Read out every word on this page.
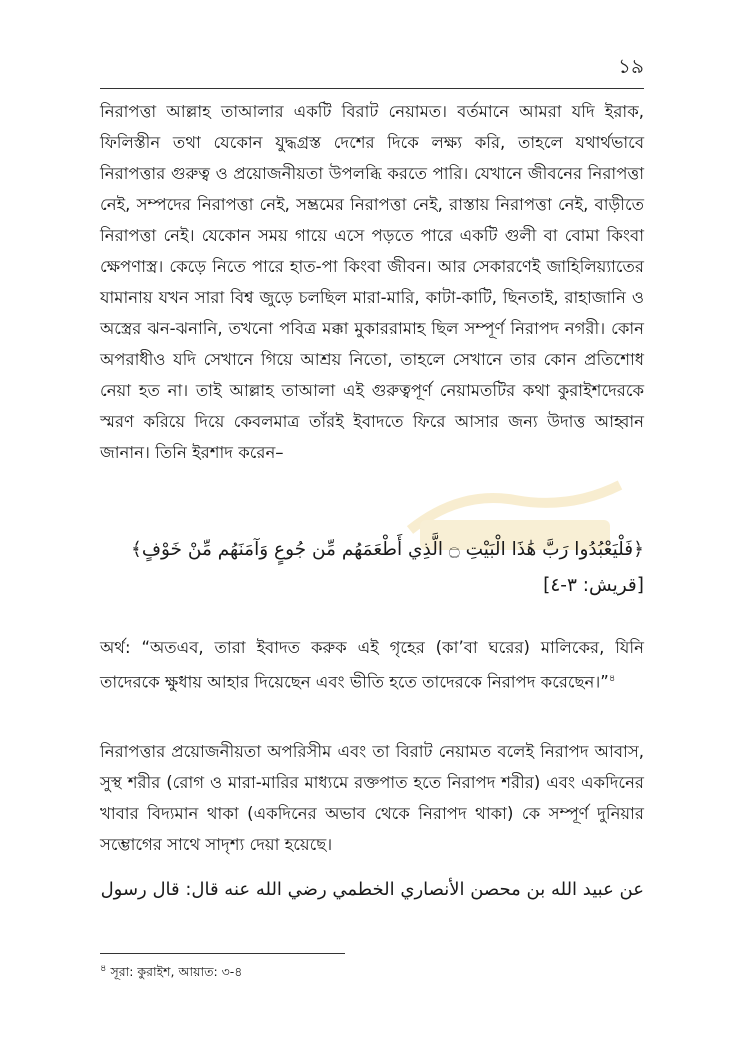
১৯
নিরাপত্তা আল্লাহ তাআলার একটি বিরাট নেয়ামত। বর্তমানে আমরা যদি ইরাক, ফিলিস্তীন তথা যেকোন যুদ্ধগ্রস্ত দেশের দিকে লক্ষ্য করি, তাহলে যথার্থভাবে নিরাপত্তার গুরুত্ব ও প্রয়োজনীয়তা উপলব্ধি করতে পারি। যেখানে জীবনের নিরাপত্তা নেই, সম্পদের নিরাপত্তা নেই, সম্ভ্রমের নিরাপত্তা নেই, রাস্তায় নিরাপত্তা নেই, বাড়ীতে নিরাপত্তা নেই। যেকোন সময় গায়ে এসে পড়তে পারে একটি গুলী বা বোমা কিংবা ক্ষেপণাস্ত্র। কেড়ে নিতে পারে হাত-পা কিংবা জীবন। আর সেকারণেই জাহিলিয়্যাতের যামানায় যখন সারা বিশ্ব জুড়ে চলছিল মারা-মারি, কাটা-কাটি, ছিনতাই, রাহাজানি ও অস্ত্রের ঝন-ঝনানি, তখনো পবিত্র মক্কা মুকাররামাহ ছিল সম্পূর্ণ নিরাপদ নগরী। কোন অপরাধীও যদি সেখানে গিয়ে আশ্রয় নিতো, তাহলে সেখানে তার কোন প্রতিশোধ নেয়া হত না। তাই আল্লাহ তাআলা এই গুরুত্বপূর্ণ নেয়ামতটির কথা কুরাইশদেরকে স্মরণ করিয়ে দিয়ে কেবলমাত্র তাঁরই ইবাদতে ফিরে আসার জন্য উদাত্ত আহ্বান জানান। তিনি ইরশাদ করেন–
﴿فَلْيَعْبُدُوا رَبَّ هَٰذَا الْبَيْتِ ۝ الَّذِي أَطْعَمَهُم مِّن جُوعٍ وَآمَنَهُم مِّنْ خَوْفٍ﴾ [قريش: ٣-٤]
অর্থ: “অতএব, তারা ইবাদত করুক এই গৃহের (কা’বা ঘরের) মালিকের, যিনি তাদেরকে ক্ষুধায় আহার দিয়েছেন এবং ভীতি হতে তাদেরকে নিরাপদ করেছেন।”$^৪$
নিরাপত্তার প্রয়োজনীয়তা অপরিসীম এবং তা বিরাট নেয়ামত বলেই নিরাপদ আবাস, সুস্থ শরীর (রোগ ও মারা-মারির মাধ্যমে রক্তপাত হতে নিরাপদ শরীর) এবং একদিনের খাবার বিদ্যমান থাকা (একদিনের অভাব থেকে নিরাপদ থাকা) কে সম্পূর্ণ দুনিয়ার সম্ভোগের সাথে সাদৃশ্য দেয়া হয়েছে।
عن عبيد الله بن محصن الأنصاري الخطمي رضي الله عنه قال: قال رسول
$^৪$ সূরা: কুরাইশ, আয়াত: ৩-৪
